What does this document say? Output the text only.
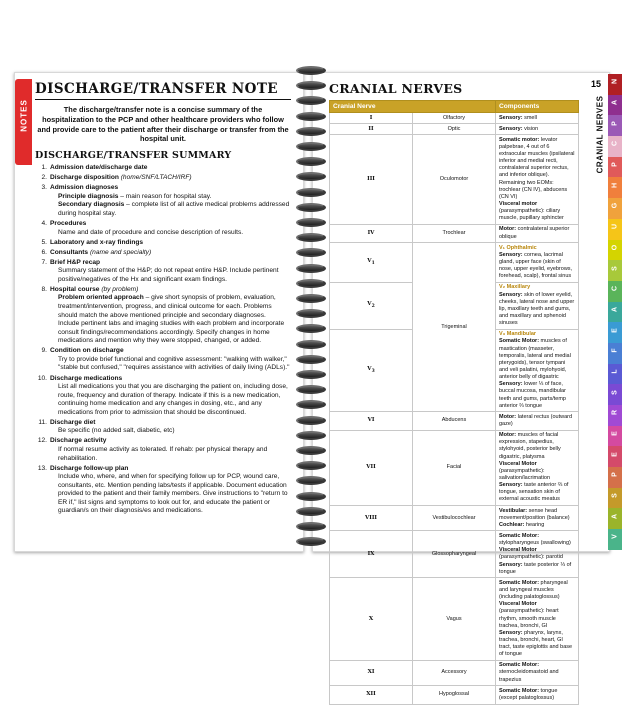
NOTES
DISCHARGE/TRANSFER NOTE
The discharge/transfer note is a concise summary of the hospitalization to the PCP and other healthcare providers who follow and provide care to the patient after their discharge or transfer from the hospital unit.
DISCHARGE/TRANSFER SUMMARY
1. Admission date/discharge date
2. Discharge disposition (home/SNF/LTACH/IRF)
3. Admission diagnoses
Principle diagnosis – main reason for hospital stay.
Secondary diagnosis – complete list of all active medical problems addressed during hospital stay.
4. Procedures
Name and date of procedure and concise description of results.
5. Laboratory and x-ray findings
6. Consultants (name and specialty)
7. Brief H&P recap
Summary statement of the H&P; do not repeat entire H&P. Include pertinent positive/negatives of the Hx and significant exam findings.
8. Hospital course (by problem)
Problem oriented approach – give short synopsis of problem, evaluation, treatment/intervention, progress, and clinical outcome for each. Problems should match the above mentioned principle and secondary diagnoses.
Include pertinent labs and imaging studies with each problem and incorporate consult findings/recommendations accordingly. Specify changes in home medications and mention why they were stopped, changed, or added.
9. Condition on discharge
Try to provide brief functional and cognitive assessment: "walking with walker," "stable but confused," "requires assistance with activities of daily living (ADLs)."
10. Discharge medications
List all medications you that you are discharging the patient on, including dose, route, frequency and duration of therapy. Indicate if this is a new medication, continuing home medication and any changes in dosing, etc., and any medications from prior to admission that should be discontinued.
11. Discharge diet
Be specific (no added salt, diabetic, etc)
12. Discharge activity
If normal resume activity as tolerated. If rehab: per physical therapy and rehabilitation.
13. Discharge follow-up plan
Include who, where, and when for specifying follow up for PCP, wound care, consultants, etc. Mention pending labs/tests if applicable. Document education provided to the patient and their family members. Give instructions to "return to ER if," list signs and symptoms to look out for, and educate the patient or guardian/s on their diagnosis/es and medications.
CRANIAL NERVES
Cranial Nerve		Components
I	Olfactory	Sensory: smell
II	Optic	Sensory: vision
III	Oculomotor	Somatic motor: levator palpebrae, 4 out of 6 extraocular muscles (ipsilateral inferior and medial recti, contralateral superior rectus, and inferior oblique). Remaining two EOMs: trochlear (CN IV), abducens (CN VI)
Visceral motor (parasympathetic): ciliary muscle, pupillary sphincter
IV	Trochlear	Motor: contralateral superior oblique
$V_1$	Trigeminal	V₁ Ophthalmic
Sensory: cornea, lacrimal gland, upper face (skin of nose, upper eyelid, eyebrows, forehead, scalp), frontal sinus
$V_2$		V₂ Maxillary
Sensory: skin of lower eyelid, cheeks, lateral nose and upper lip, maxillary teeth and gums, and maxillary and sphenoid sinuses
$V_3$		V₃ Mandibular
Somatic Motor: muscles of mastication (masseter, temporalis, lateral and medial pterygoids), tensor tympani and veli palatini, mylohyoid, anterior belly of digastric
Sensory: lower ⅓ of face, buccal mucosa, mandibular teeth and gums, parts/temp anterior ⅔ tongue
VI	Abducens	Motor: lateral rectus (outward gaze)
VII	Facial	Motor: muscles of facial expression, stapedius, stylohyoid, posterior belly digastric, platysma
Visceral Motor (parasympathetic): salivation/lacrimation
Sensory: taste anterior ⅔ of tongue, sensation skin of external acoustic meatus
VIII	Vestibulocochlear	Vestibular: sense head movement/position (balance)
Cochlear: hearing
IX	Glossopharyngeal	Somatic Motor: stylopharyngeus (swallowing)
Visceral Motor (parasympathetic): parotid
Sensory: taste posterior ⅓ of tongue
X	Vagus	Somatic Motor: pharyngeal and laryngeal muscles (including palatoglossus)
Visceral Motor (parasympathetic): heart rhythm, smooth muscle trachea, bronchi, GI
Sensory: pharynx, larynx, trachea, bronchi, heart, GI tract, taste epiglottis and base of tongue
XI	Accessory	Somatic Motor: sternocleidomastoid and trapezius
XII	Hypoglossal	Somatic Motor: tongue (except palatoglossus)
15
CRANIAL NERVES
N
A
P
C
P
H
G
U
O
S
C
A
E
F
L
S
R
E
E
P
S
A
V
